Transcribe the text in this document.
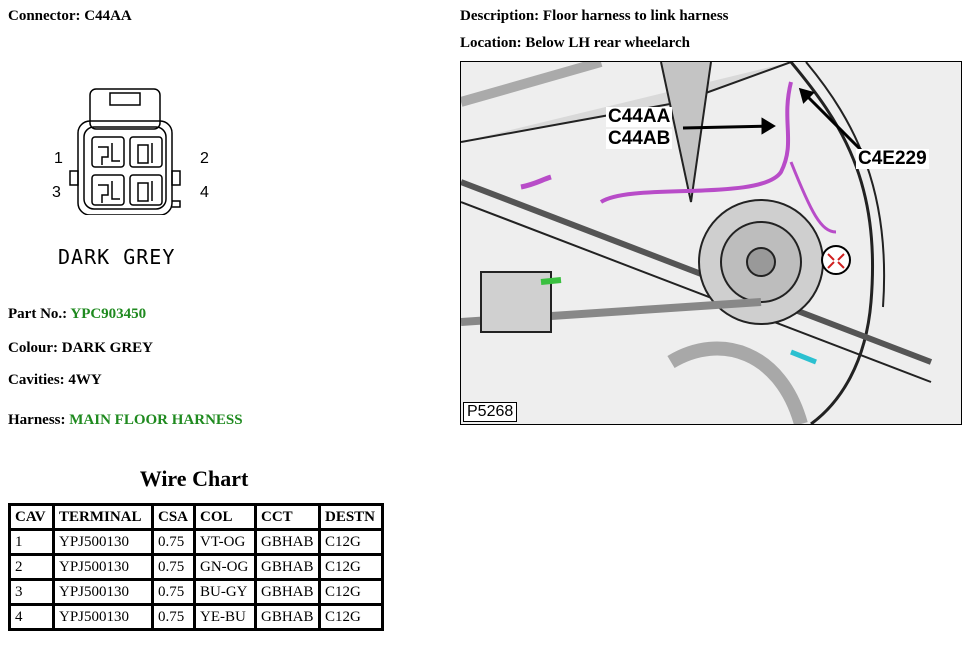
Connector: C44AA
1	2
3	4
DARK GREY
Part No.: YPC903450
Colour: DARK GREY
Cavities: 4WY
Harness: MAIN FLOOR HARNESS
Wire Chart
CAV	TERMINAL	CSA	COL	CCT	DESTN
1	YPJ500130	0.75	VT-OG	GBHAB	C12G
2	YPJ500130	0.75	GN-OG	GBHAB	C12G
3	YPJ500130	0.75	BU-GY	GBHAB	C12G
4	YPJ500130	0.75	YE-BU	GBHAB	C12G
Description: Floor harness to link harness
Location: Below LH rear wheelarch
C44AA
C44AB
C4E229
P5268
